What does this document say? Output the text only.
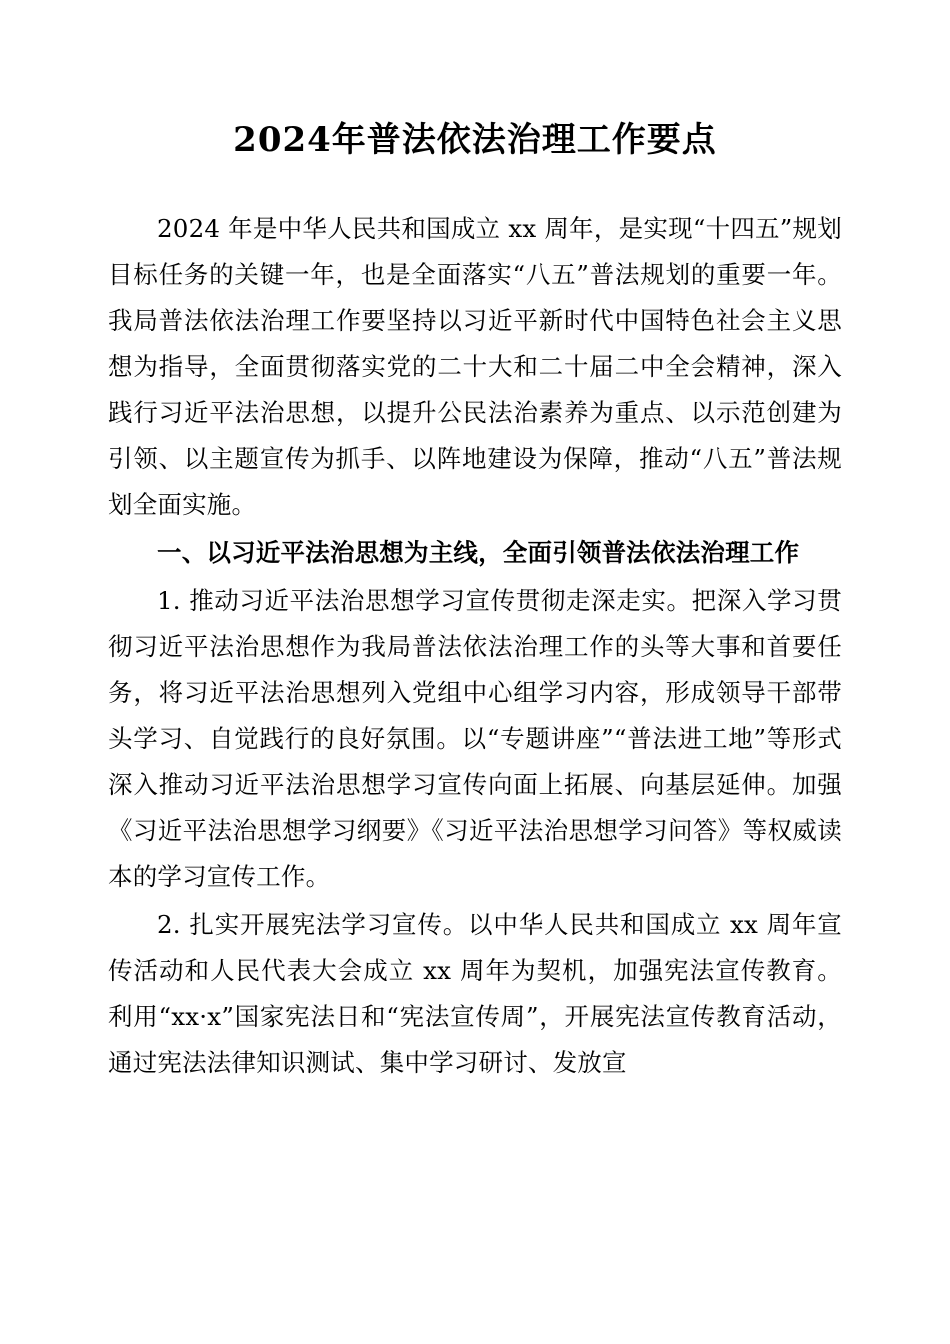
2024年普法依法治理工作要点

2024 年是中华人民共和国成立 xx 周年，是实现“十四五”规划目标任务的关键一年，也是全面落实“八五”普法规划的重要一年。我局普法依法治理工作要坚持以习近平新时代中国特色社会主义思想为指导，全面贯彻落实党的二十大和二十届二中全会精神，深入践行习近平法治思想，以提升公民法治素养为重点、以示范创建为引领、以主题宣传为抓手、以阵地建设为保障，推动“八五”普法规划全面实施。

一、以习近平法治思想为主线，全面引领普法依法治理工作

1. 推动习近平法治思想学习宣传贯彻走深走实。把深入学习贯彻习近平法治思想作为我局普法依法治理工作的头等大事和首要任务，将习近平法治思想列入党组中心组学习内容，形成领导干部带头学习、自觉践行的良好氛围。以“专题讲座”“普法进工地”等形式深入推动习近平法治思想学习宣传向面上拓展、向基层延伸。加强《习近平法治思想学习纲要》《习近平法治思想学习问答》等权威读本的学习宣传工作。

2. 扎实开展宪法学习宣传。以中华人民共和国成立 xx 周年宣传活动和人民代表大会成立 xx 周年为契机，加强宪法宣传教育。利用“xx·x”国家宪法日和“宪法宣传周”，开展宪法宣传教育活动，通过宪法法律知识测试、集中学习研讨、发放宣
